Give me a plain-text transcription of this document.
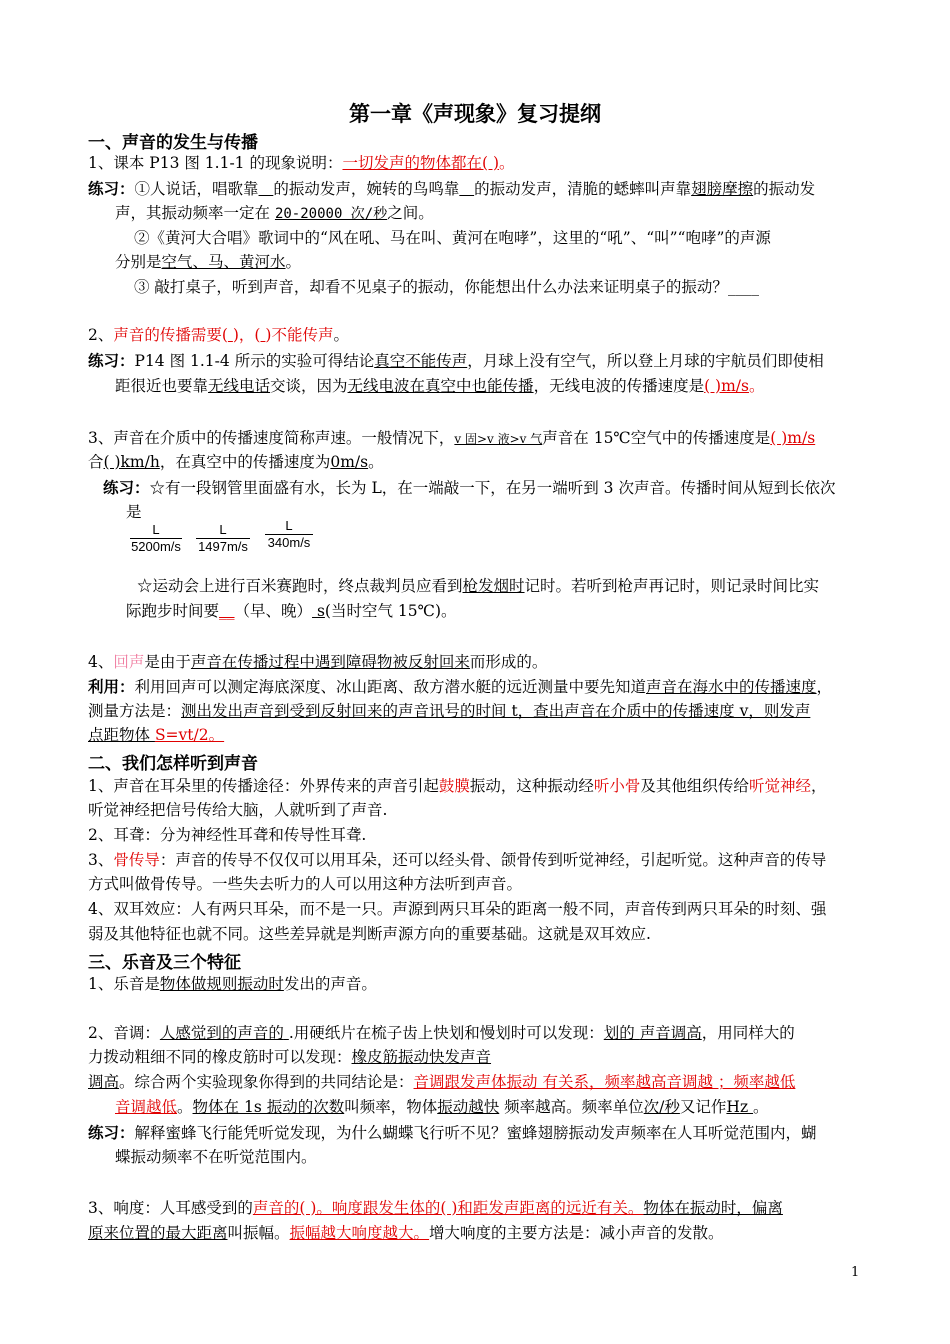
第一章《声现象》复习提纲
一、声音的发生与传播
1、课本 P13 图 1.1-1 的现象说明：一切发声的物体都在( )。
练习：①人说话，唱歌靠 的振动发声，婉转的鸟鸣靠 的振动发声，清脆的蟋蟀叫声靠翅膀摩擦的振动发
声，其振动频率一定在 20-20000 次/秒之间。
②《黄河大合唱》歌词中的“风在吼、马在叫、黄河在咆哮”，这里的“吼”、“叫”“咆哮”的声源
分别是空气、马、黄河水。
③ 敲打桌子，听到声音，却看不见桌子的振动，你能想出什么办法来证明桌子的振动？____
2、声音的传播需要( )，( )不能传声。
练习：P14 图 1.1-4 所示的实验可得结论真空不能传声，月球上没有空气，所以登上月球的宇航员们即使相
距很近也要靠无线电话交谈，因为无线电波在真空中也能传播，无线电波的传播速度是( )m/s。
3、声音在介质中的传播速度简称声速。一般情况下，v 固>v 液>v 气声音在 15℃空气中的传播速度是( )m/s
合( )km/h，在真空中的传播速度为0m/s。
练习：☆有一段钢管里面盛有水，长为 L，在一端敲一下，在另一端听到 3 次声音。传播时间从短到长依次
是
$\frac{L}{5200m/s} \frac{L}{1497m/s} \frac{L}{340m/s}$
☆运动会上进行百米赛跑时，终点裁判员应看到枪发烟时记时。若听到枪声再记时，则记录时间比实
际跑步时间要__（早、晚） s(当时空气 15℃)。
4、回声是由于声音在传播过程中遇到障碍物被反射回来而形成的。
利用：利用回声可以测定海底深度、冰山距离、敌方潜水艇的远近测量中要先知道声音在海水中的传播速度，
测量方法是：测出发出声音到受到反射回来的声音讯号的时间 t，查出声音在介质中的传播速度 v，则发声
点距物体 S=vt/2。
二、我们怎样听到声音
1、声音在耳朵里的传播途径：外界传来的声音引起鼓膜振动，这种振动经听小骨及其他组织传给听觉神经，
听觉神经把信号传给大脑，人就听到了声音.
2、耳聋：分为神经性耳聋和传导性耳聋.
3、骨传导：声音的传导不仅仅可以用耳朵，还可以经头骨、颌骨传到听觉神经，引起听觉。这种声音的传导
方式叫做骨传导。一些失去听力的人可以用这种方法听到声音。
4、双耳效应：人有两只耳朵，而不是一只。声源到两只耳朵的距离一般不同，声音传到两只耳朵的时刻、强
弱及其他特征也就不同。这些差异就是判断声源方向的重要基础。这就是双耳效应.
三、乐音及三个特征
1、乐音是物体做规则振动时发出的声音。
2、音调：人感觉到的声音的 .用硬纸片在梳子齿上快划和慢划时可以发现：划的 声音调高，用同样大的
力拨动粗细不同的橡皮筋时可以发现：橡皮筋振动快发声音
调高。综合两个实验现象你得到的共同结论是：音调跟发声体振动 有关系，频率越高音调越 ；频率越低
音调越低。物体在 1s 振动的次数叫频率，物体振动越快 频率越高。频率单位次/秒又记作Hz 。
练习：解释蜜蜂飞行能凭听觉发现，为什么蝴蝶飞行听不见？蜜蜂翅膀振动发声频率在人耳听觉范围内，蝴
蝶振动频率不在听觉范围内。
3、响度：人耳感受到的声音的( )。响度跟发生体的( )和距发声距离的远近有关。物体在振动时，偏离
原来位置的最大距离叫振幅。振幅越大响度越大。增大响度的主要方法是：减小声音的发散。
1
